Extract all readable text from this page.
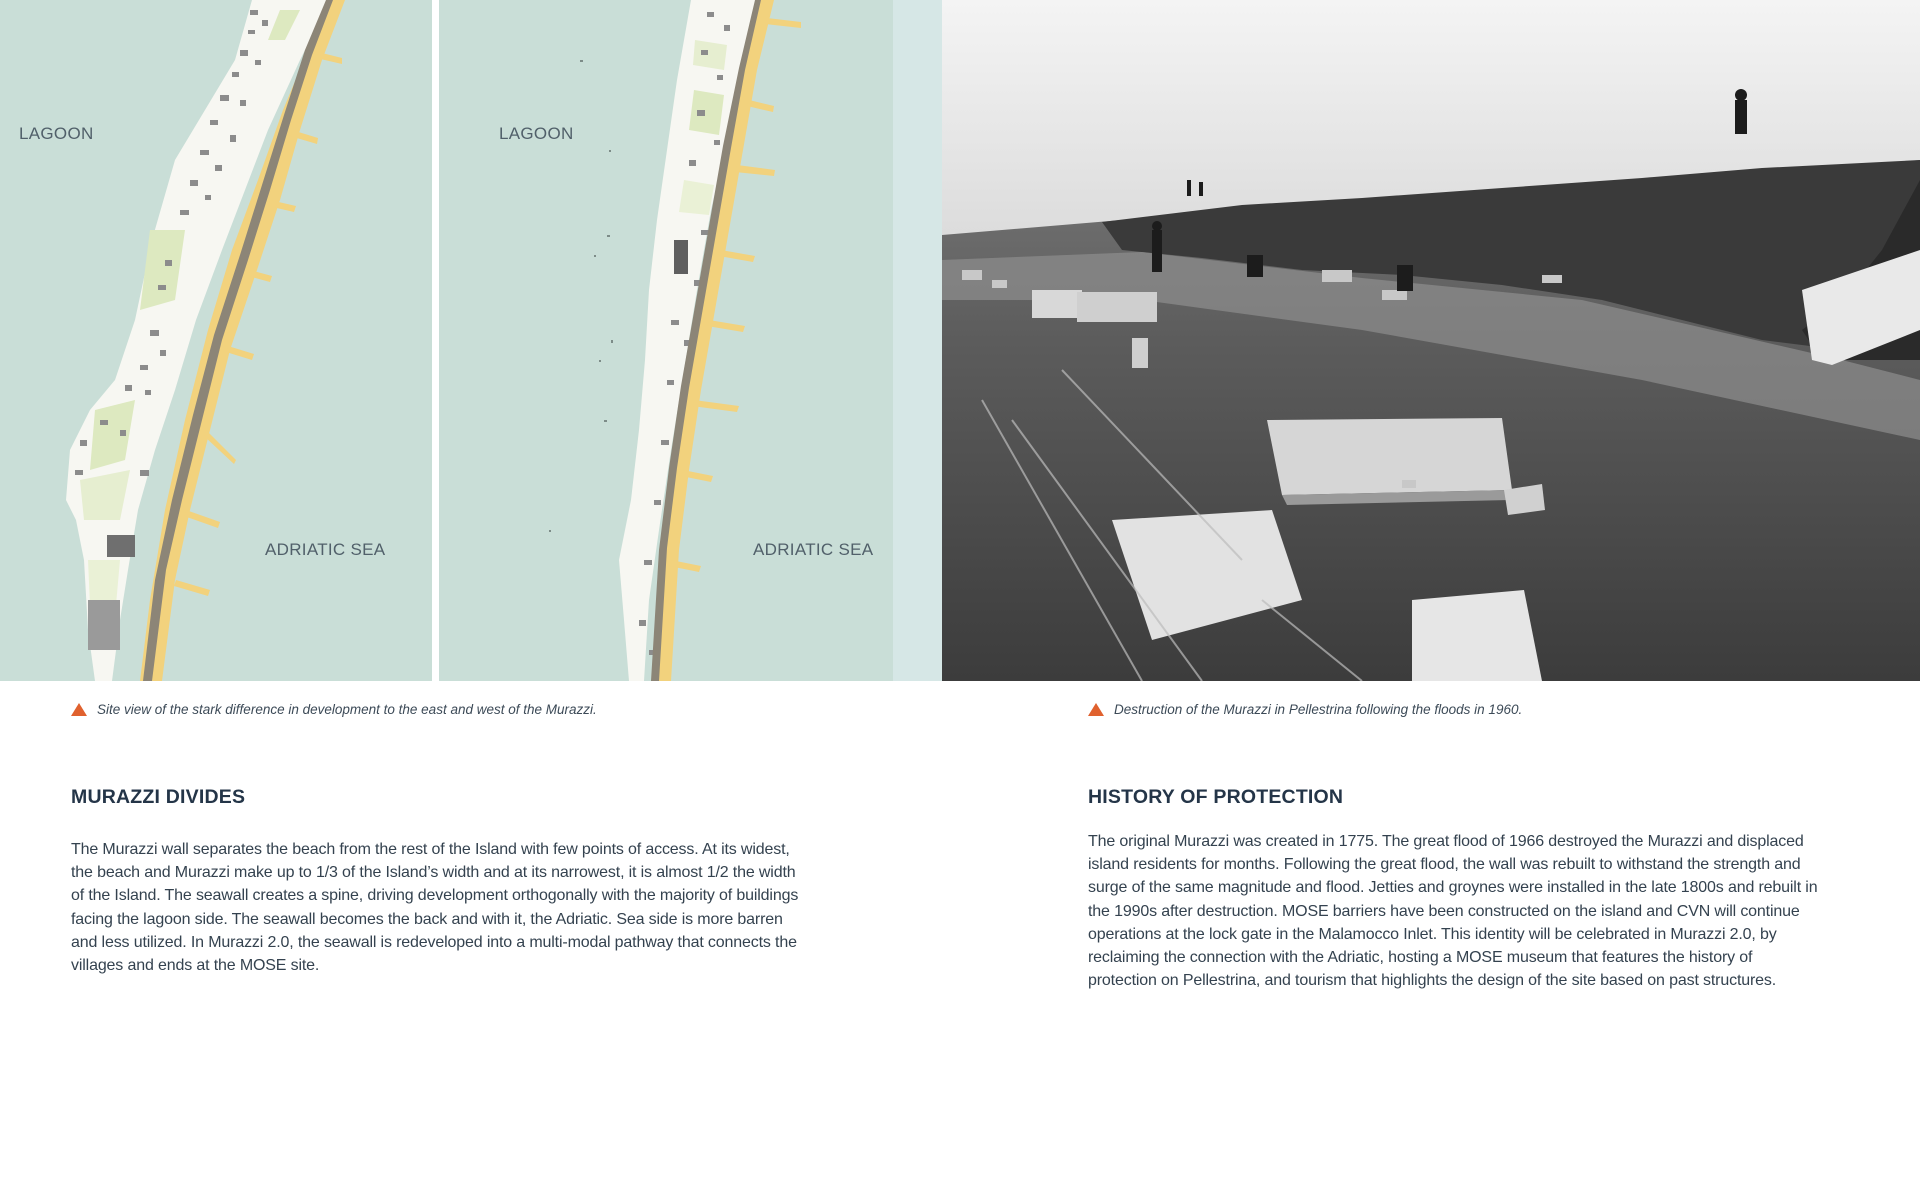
LAGOON
ADRIATIC SEA
LAGOON
ADRIATIC SEA
Site view of the stark difference in development to the east and west of the Murazzi.	Destruction of the Murazzi in Pellestrina following the floods in 1960.
MURAZZI DIVIDES
The Murazzi wall separates the beach from the rest of the Island with few points of access. At its widest, the beach and Murazzi make up to 1/3 of the Island’s width and at its narrowest, it is almost 1/2 the width of the Island. The seawall creates a spine, driving development orthogonally with the majority of buildings facing the lagoon side. The seawall becomes the back and with it, the Adriatic. Sea side is more barren and less utilized. In Murazzi 2.0, the seawall is redeveloped into a multi-modal pathway that connects the villages and ends at the MOSE site.
HISTORY OF PROTECTION
The original Murazzi was created in 1775. The great flood of 1966 destroyed the Murazzi and displaced island residents for months. Following the great flood, the wall was rebuilt to withstand the strength and surge of the same magnitude and flood. Jetties and groynes were installed in the late 1800s and rebuilt in the 1990s after destruction. MOSE barriers have been constructed on the island and CVN will continue operations at the lock gate in the Malamocco Inlet. This identity will be celebrated in Murazzi 2.0, by reclaiming the connection with the Adriatic, hosting a MOSE museum that features the history of protection on Pellestrina, and tourism that highlights the design of the site based on past structures.
